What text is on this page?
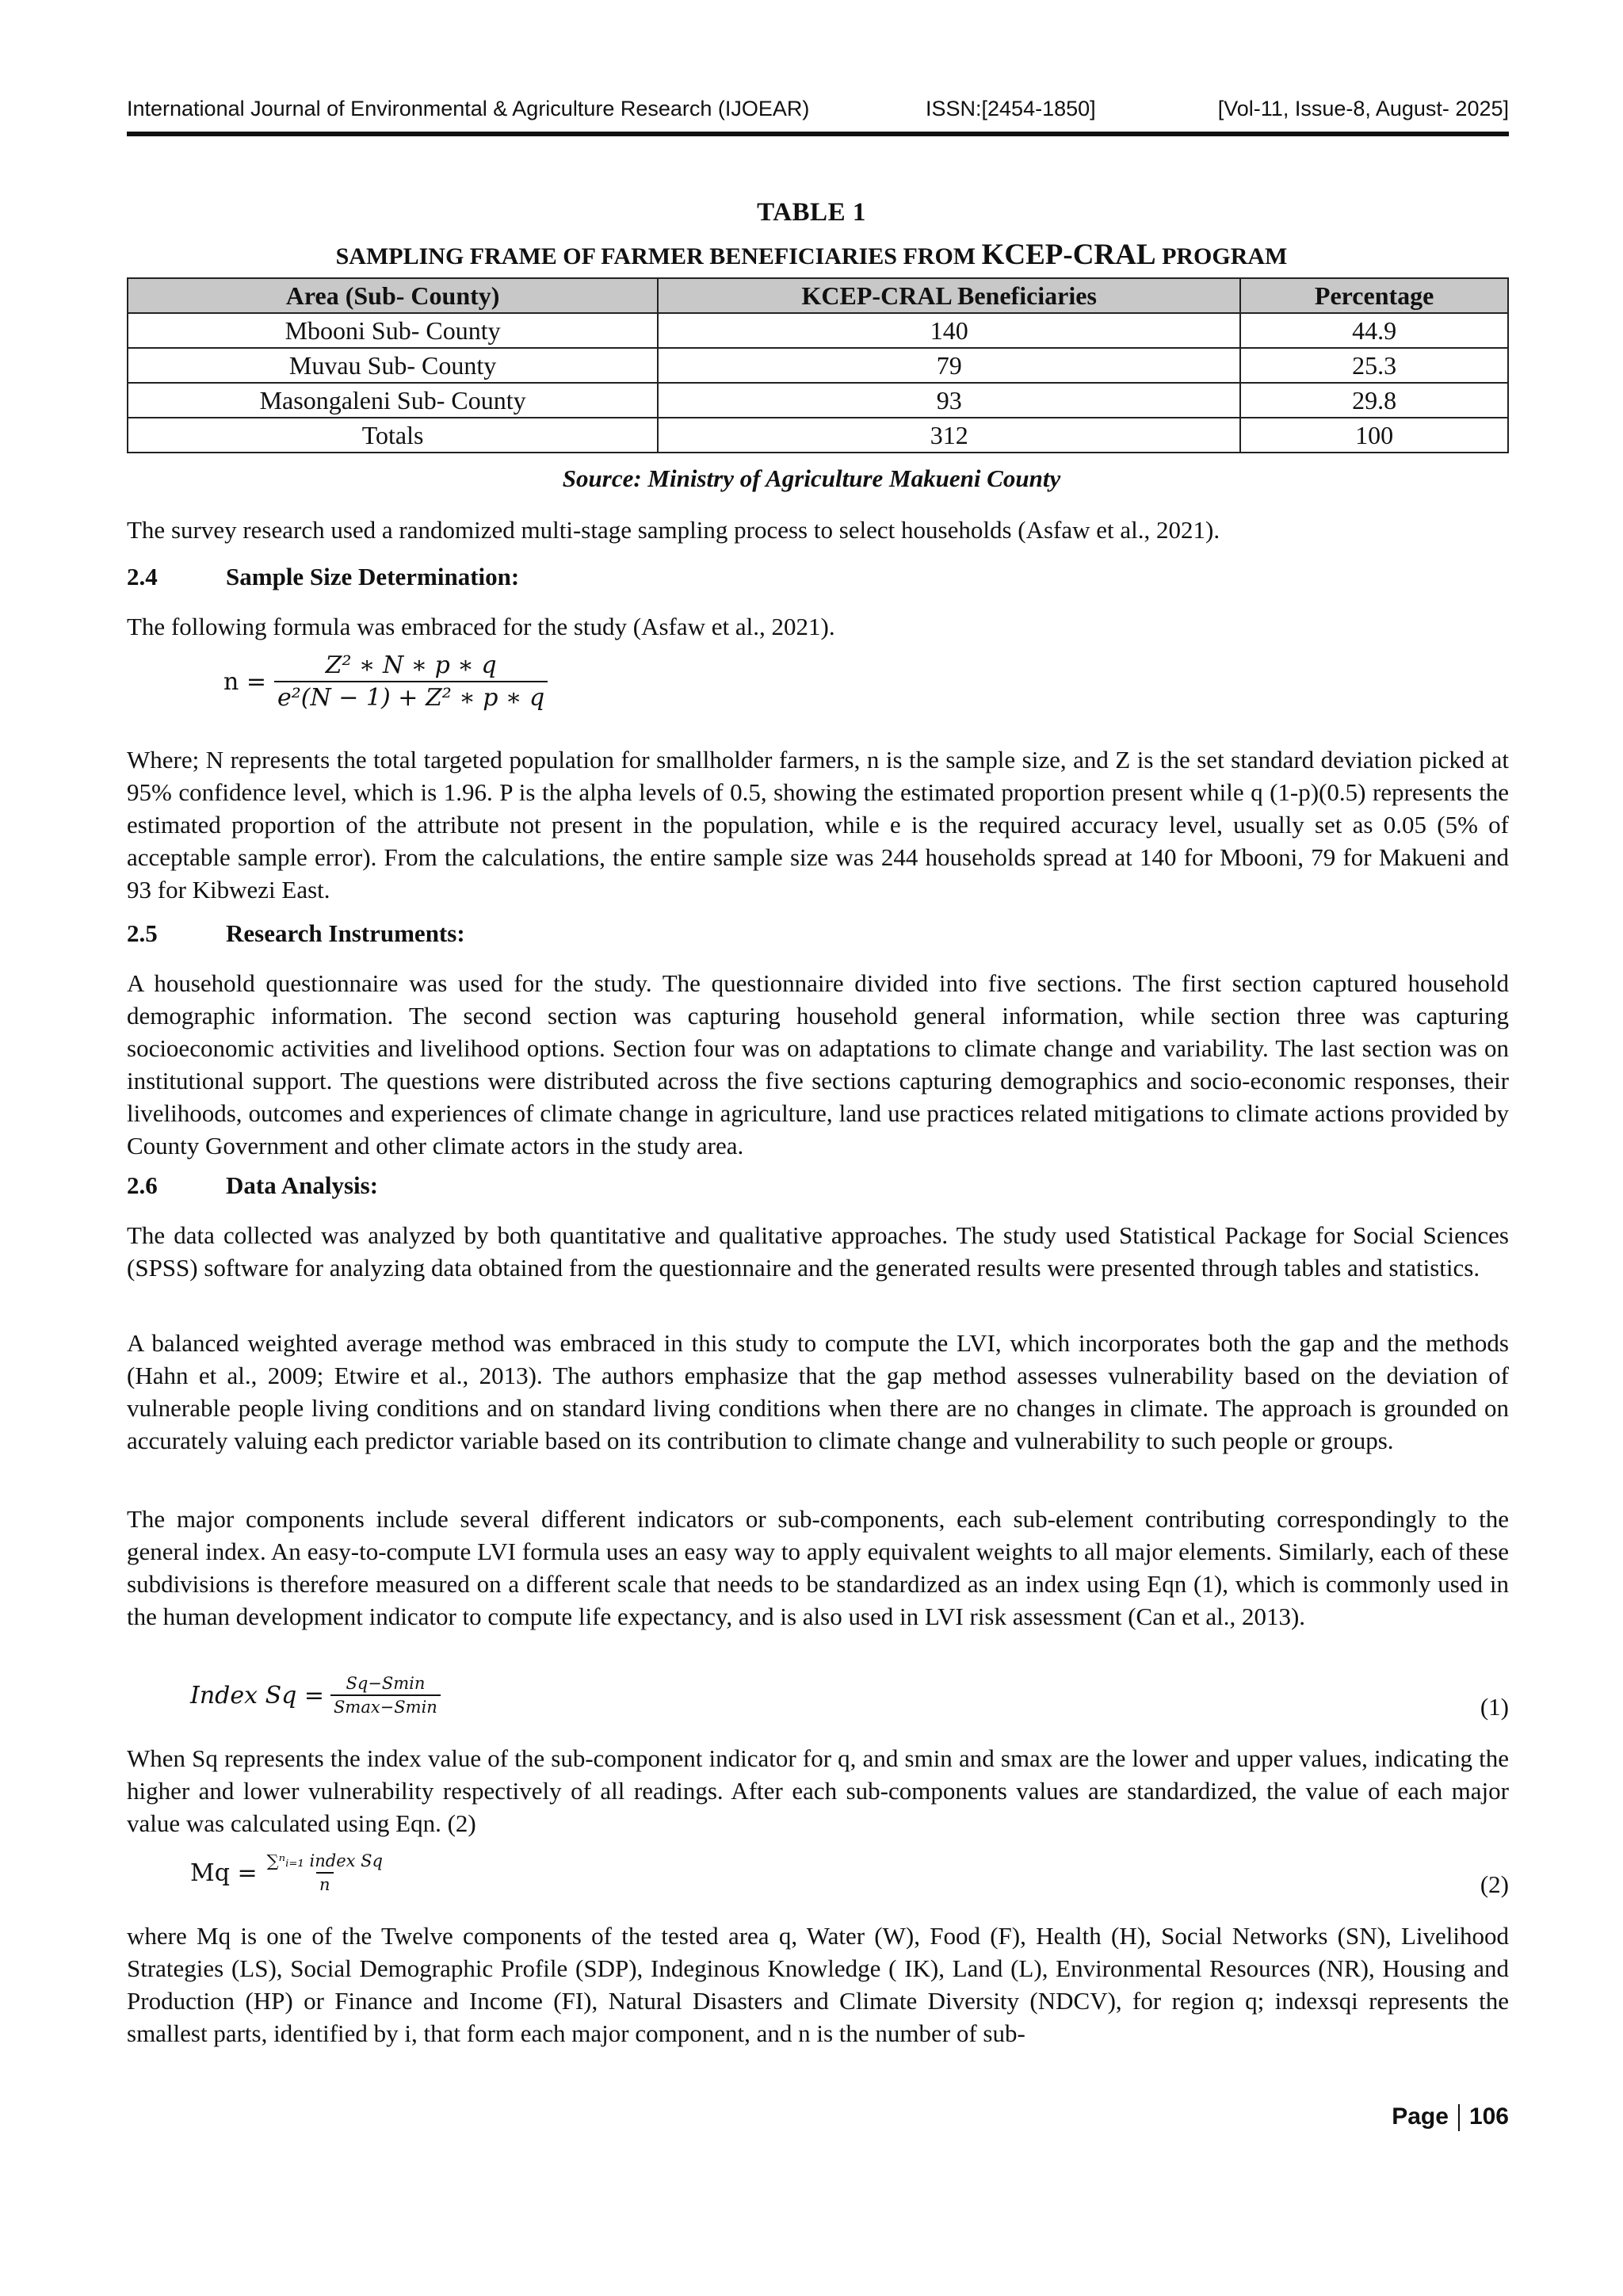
International Journal of Environmental & Agriculture Research (IJOEAR)	ISSN:[2454-1850]	[Vol-11, Issue-8, August- 2025]
TABLE 1
SAMPLING FRAME OF FARMER BENEFICIARIES FROM KCEP-CRAL PROGRAM
Area (Sub- County)	KCEP-CRAL Beneficiaries	Percentage
Mbooni Sub- County	140	44.9
Muvau Sub- County	79	25.3
Masongaleni Sub- County	93	29.8
Totals	312	100
Source: Ministry of Agriculture Makueni County

The survey research used a randomized multi-stage sampling process to select households (Asfaw et al., 2021).

2.4	Sample Size Determination:

The following formula was embraced for the study (Asfaw et al., 2021).

$n = \frac{\text{Z² ∗ N ∗ p ∗ q}}{\text{e²(N − 1) + Z² ∗ p ∗ q}}$

Where; N represents the total targeted population for smallholder farmers, n is the sample size, and Z is the set standard deviation picked at 95% confidence level, which is 1.96. P is the alpha levels of 0.5, showing the estimated proportion present while q (1-p)(0.5) represents the estimated proportion of the attribute not present in the population, while e is the required accuracy level, usually set as 0.05 (5% of acceptable sample error). From the calculations, the entire sample size was 244 households spread at 140 for Mbooni, 79 for Makueni and 93 for Kibwezi East.

2.5	Research Instruments:

A household questionnaire was used for the study. The questionnaire divided into five sections. The first section captured household demographic information. The second section was capturing household general information, while section three was capturing socioeconomic activities and livelihood options. Section four was on adaptations to climate change and variability. The last section was on institutional support. The questions were distributed across the five sections capturing demographics and socio-economic responses, their livelihoods, outcomes and experiences of climate change in agriculture, land use practices related mitigations to climate actions provided by County Government and other climate actors in the study area.

2.6	Data Analysis:

The data collected was analyzed by both quantitative and qualitative approaches. The study used Statistical Package for Social Sciences (SPSS) software for analyzing data obtained from the questionnaire and the generated results were presented through tables and statistics.

A balanced weighted average method was embraced in this study to compute the LVI, which incorporates both the gap and the methods (Hahn et al., 2009; Etwire et al., 2013). The authors emphasize that the gap method assesses vulnerability based on the deviation of vulnerable people living conditions and on standard living conditions when there are no changes in climate. The approach is grounded on accurately valuing each predictor variable based on its contribution to climate change and vulnerability to such people or groups.

The major components include several different indicators or sub-components, each sub-element contributing correspondingly to the general index. An easy-to-compute LVI formula uses an easy way to apply equivalent weights to all major elements. Similarly, each of these subdivisions is therefore measured on a different scale that needs to be standardized as an index using Eqn (1), which is commonly used in the human development indicator to compute life expectancy, and is also used in LVI risk assessment (Can et al., 2013).

Index $Sq = \frac{Sq-Smin}{Smax-Smin}$	(1)

When Sq represents the index value of the sub-component indicator for q, and smin and smax are the lower and upper values, indicating the higher and lower vulnerability respectively of all readings. After each sub-components values are standardized, the value of each major value was calculated using Eqn. (2)

$Mq = \frac{\text{∑ⁿᵢ₌₁ index Sq}}{n}$	(2)

where Mq is one of the Twelve components of the tested area q, Water (W), Food (F), Health (H), Social Networks (SN), Livelihood Strategies (LS), Social Demographic Profile (SDP), Indeginous Knowledge ( IK), Land (L), Environmental Resources (NR), Housing and Production (HP) or Finance and Income (FI), Natural Disasters and Climate Diversity (NDCV), for region q; indexsqi represents the smallest parts, identified by i, that form each major component, and n is the number of sub-

Page 106
